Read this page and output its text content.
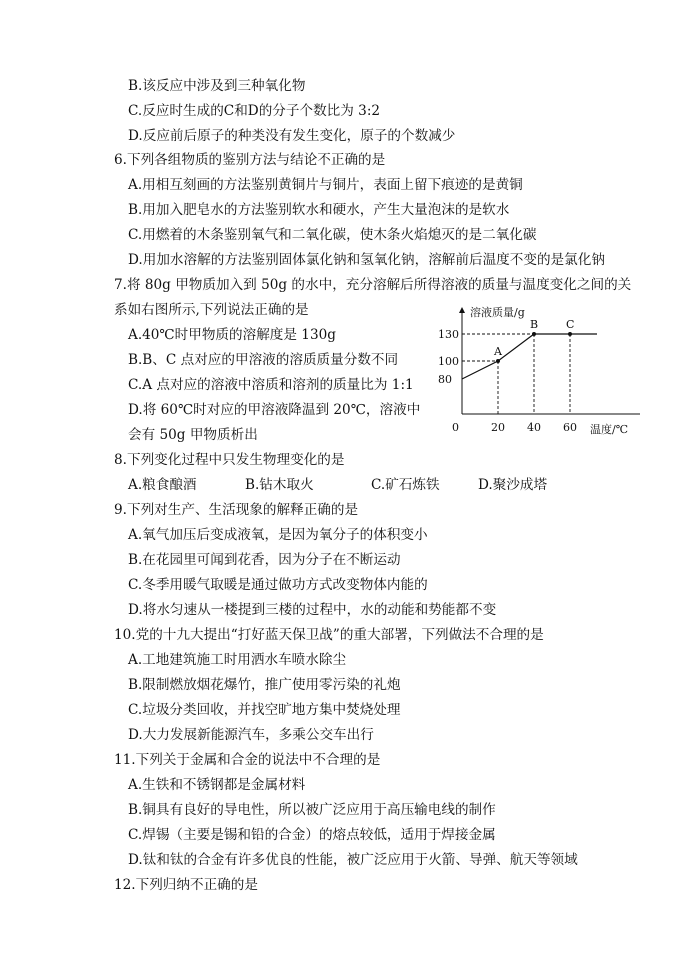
B.该反应中涉及到三种氧化物
C.反应时生成的C和D的分子个数比为 3:2
D.反应前后原子的种类没有发生变化，原子的个数减少
6.下列各组物质的鉴别方法与结论不正确的是
A.用相互刻画的方法鉴别黄铜片与铜片，表面上留下痕迹的是黄铜
B.用加入肥皂水的方法鉴别软水和硬水，产生大量泡沫的是软水
C.用燃着的木条鉴别氧气和二氧化碳，使木条火焰熄灭的是二氧化碳
D.用加水溶解的方法鉴别固体氯化钠和氢氧化钠，溶解前后温度不变的是氯化钠
7.将 80g 甲物质加入到 50g 的水中，充分溶解后所得溶液的质量与温度变化之间的关
系如右图所示,下列说法正确的是
A.40℃时甲物质的溶解度是 130g
B.B、C 点对应的甲溶液的溶质质量分数不同
C.A 点对应的溶液中溶质和溶剂的质量比为 1:1
D.将 60℃时对应的甲溶液降温到 20℃，溶液中
会有 50g 甲物质析出
溶液质量/g
温度/℃
0	20 40 60
80
100
130
A
B	C
8.下列变化过程中只发生物理变化的是
A.粮食酿酒	B.钻木取火	C.矿石炼铁	D.聚沙成塔
9.下列对生产、生活现象的解释正确的是
A.氧气加压后变成液氧，是因为氧分子的体积变小
B.在花园里可闻到花香，因为分子在不断运动
C.冬季用暖气取暖是通过做功方式改变物体内能的
D.将水匀速从一楼提到三楼的过程中，水的动能和势能都不变
10.党的十九大提出“打好蓝天保卫战”的重大部署，下列做法不合理的是
A.工地建筑施工时用洒水车喷水除尘
B.限制燃放烟花爆竹，推广使用零污染的礼炮
C.垃圾分类回收，并找空旷地方集中焚烧处理
D.大力发展新能源汽车，多乘公交车出行
11.下列关于金属和合金的说法中不合理的是
A.生铁和不锈钢都是金属材料
B.铜具有良好的导电性，所以被广泛应用于高压输电线的制作
C.焊锡（主要是锡和铅的合金）的熔点较低，适用于焊接金属
D.钛和钛的合金有许多优良的性能，被广泛应用于火箭、导弹、航天等领域
12.下列归纳不正确的是
